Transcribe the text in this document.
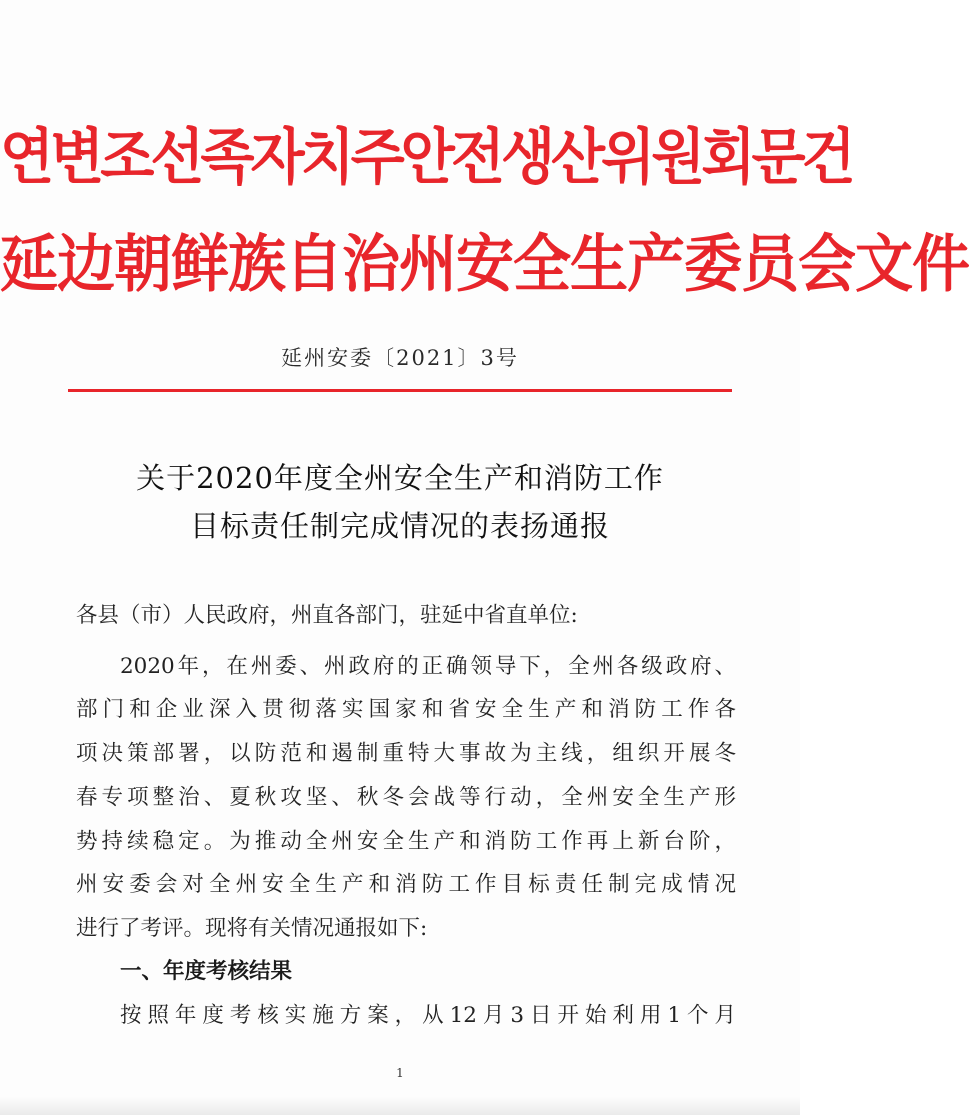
연변조선족자치주안전생산위원회문건
延边朝鲜族自治州安全生产委员会文件
延州安委〔2021〕3号
关于2020年度全州安全生产和消防工作
目标责任制完成情况的表扬通报
各县（市）人民政府，州直各部门，驻延中省直单位:
2020年，在州委、州政府的正确领导下，全州各级政府、
部门和企业深入贯彻落实国家和省安全生产和消防工作各
项决策部署，以防范和遏制重特大事故为主线，组织开展冬
春专项整治、夏秋攻坚、秋冬会战等行动，全州安全生产形
势持续稳定。为推动全州安全生产和消防工作再上新台阶，
州安委会对全州安全生产和消防工作目标责任制完成情况
进行了考评。现将有关情况通报如下:
一、年度考核结果
按照年度考核实施方案，从12月3日开始利用1个月
1
